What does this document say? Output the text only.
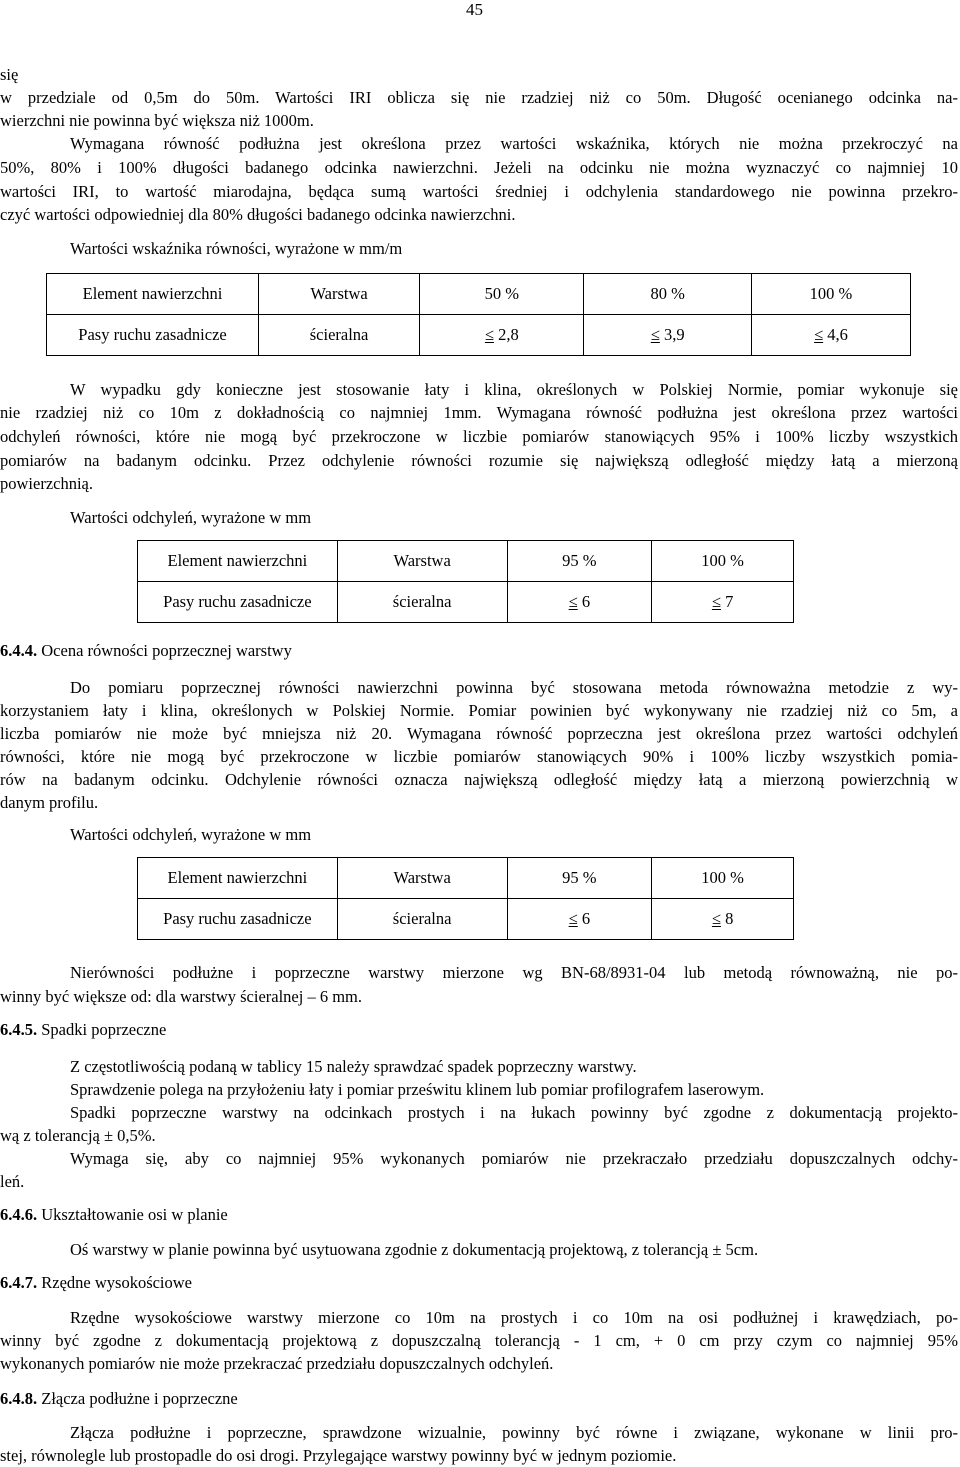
45
się
w przedziale od 0,5m do 50m. Wartości IRI oblicza się nie rzadziej niż co 50m. Długość ocenianego odcinka na-
wierzchni nie powinna być większa niż 1000m.
Wymagana równość podłużna jest określona przez wartości wskaźnika, których nie można przekroczyć na
50%, 80% i 100% długości badanego odcinka nawierzchni. Jeżeli na odcinku nie można wyznaczyć co najmniej 10
wartości IRI, to wartość miarodajna, będąca sumą wartości średniej i odchylenia standardowego nie powinna przekro-
czyć wartości odpowiedniej dla 80% długości badanego odcinka nawierzchni.
Wartości wskaźnika równości, wyrażone w mm/m
Element nawierzchni	Warstwa	50 %	80 %	100 %
Pasy ruchu zasadnicze	ścieralna	≤ 2,8	≤ 3,9	≤ 4,6
W wypadku gdy konieczne jest stosowanie łaty i klina, określonych w Polskiej Normie, pomiar wykonuje się
nie rzadziej niż co 10m z dokładnością co najmniej 1mm. Wymagana równość podłużna jest określona przez wartości
odchyleń równości, które nie mogą być przekroczone w liczbie pomiarów stanowiących 95% i 100% liczby wszystkich
pomiarów na badanym odcinku. Przez odchylenie równości rozumie się największą odległość między łatą a mierzoną
powierzchnią.
Wartości odchyleń, wyrażone w mm
Element nawierzchni	Warstwa	95 %	100 %
Pasy ruchu zasadnicze	ścieralna	≤ 6	≤ 7
6.4.4. Ocena równości poprzecznej warstwy
Do pomiaru poprzecznej równości nawierzchni powinna być stosowana metoda równoważna metodzie z wy-
korzystaniem łaty i klina, określonych w Polskiej Normie. Pomiar powinien być wykonywany nie rzadziej niż co 5m, a
liczba pomiarów nie może być mniejsza niż 20. Wymagana równość poprzeczna jest określona przez wartości odchyleń
równości, które nie mogą być przekroczone w liczbie pomiarów stanowiących 90% i 100% liczby wszystkich pomia-
rów na badanym odcinku. Odchylenie równości oznacza największą odległość między łatą a mierzoną powierzchnią w
danym profilu.
Wartości odchyleń, wyrażone w mm
Element nawierzchni	Warstwa	95 %	100 %
Pasy ruchu zasadnicze	ścieralna	≤ 6	≤ 8
Nierówności podłużne i poprzeczne warstwy mierzone wg BN-68/8931-04 lub metodą równoważną, nie po-
winny być większe od: dla warstwy ścieralnej – 6 mm.
6.4.5. Spadki poprzeczne
Z częstotliwością podaną w tablicy 15 należy sprawdzać spadek poprzeczny warstwy.
Sprawdzenie polega na przyłożeniu łaty i pomiar prześwitu klinem lub pomiar profilografem laserowym.
Spadki poprzeczne warstwy na odcinkach prostych i na łukach powinny być zgodne z dokumentacją projekto-
wą z tolerancją ± 0,5%.
Wymaga się, aby co najmniej 95% wykonanych pomiarów nie przekraczało przedziału dopuszczalnych odchy-
leń.
6.4.6. Ukształtowanie osi w planie
Oś warstwy w planie powinna być usytuowana zgodnie z dokumentacją projektową, z tolerancją ± 5cm.
6.4.7. Rzędne wysokościowe
Rzędne wysokościowe warstwy mierzone co 10m na prostych i co 10m na osi podłużnej i krawędziach, po-
winny być zgodne z dokumentacją projektową z dopuszczalną tolerancją - 1 cm, + 0 cm przy czym co najmniej 95%
wykonanych pomiarów nie może przekraczać przedziału dopuszczalnych odchyleń.
6.4.8. Złącza podłużne i poprzeczne
Złącza podłużne i poprzeczne, sprawdzone wizualnie, powinny być równe i związane, wykonane w linii pro-
stej, równolegle lub prostopadle do osi drogi. Przylegające warstwy powinny być w jednym poziomie.
